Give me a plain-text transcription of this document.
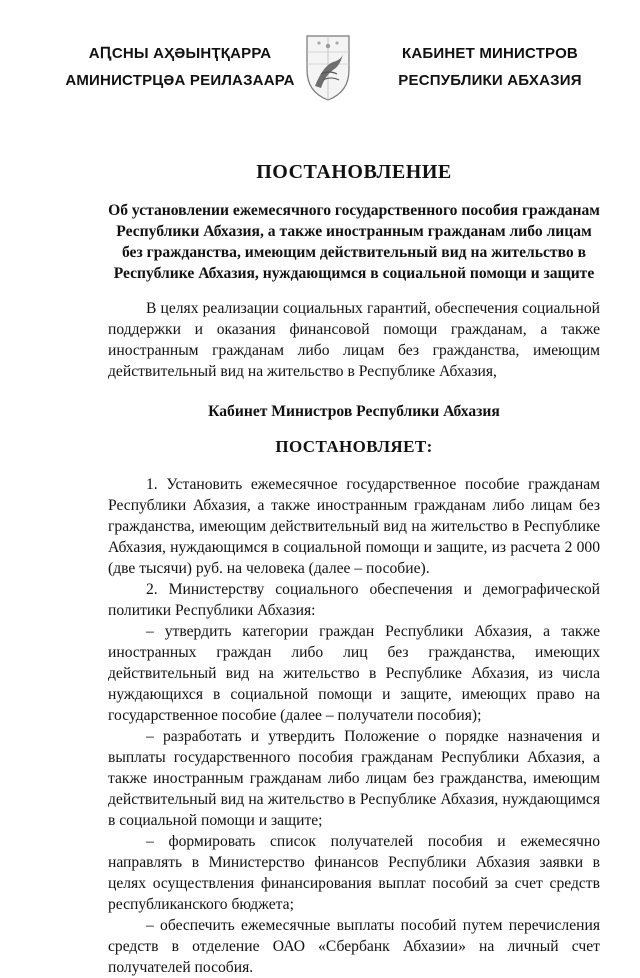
АԤСНЫ АҲӘЫНҬҚАРРА
АМИНИСТРЦӘА РЕИЛАЗААРА
КАБИНЕТ МИНИСТРОВ
РЕСПУБЛИКИ АБХАЗИЯ
ПОСТАНОВЛЕНИЕ
Об установлении ежемесячного государственного пособия гражданам Республики Абхазия, а также иностранным гражданам либо лицам без гражданства, имеющим действительный вид на жительство в Республике Абхазия, нуждающимся в социальной помощи и защите

В целях реализации социальных гарантий, обеспечения социальной поддержки и оказания финансовой помощи гражданам, а также иностранным гражданам либо лицам без гражданства, имеющим действительный вид на жительство в Республике Абхазия,

Кабинет Министров Республики Абхазия
ПОСТАНОВЛЯЕТ:

1. Установить ежемесячное государственное пособие гражданам Республики Абхазия, а также иностранным гражданам либо лицам без гражданства, имеющим действительный вид на жительство в Республике Абхазия, нуждающимся в социальной помощи и защите, из расчета 2 000 (две тысячи) руб. на человека (далее – пособие).

2. Министерству социального обеспечения и демографической политики Республики Абхазия:

– утвердить категории граждан Республики Абхазия, а также иностранных граждан либо лиц без гражданства, имеющих действительный вид на жительство в Республике Абхазия, из числа нуждающихся в социальной помощи и защите, имеющих право на государственное пособие (далее – получатели пособия);

– разработать и утвердить Положение о порядке назначения и выплаты государственного пособия гражданам Республики Абхазия, а также иностранным гражданам либо лицам без гражданства, имеющим действительный вид на жительство в Республике Абхазия, нуждающимся в социальной помощи и защите;

– формировать список получателей пособия и ежемесячно направлять в Министерство финансов Республики Абхазия заявки в целях осуществления финансирования выплат пособий за счет средств республиканского бюджета;

– обеспечить ежемесячные выплаты пособий путем перечисления средств в отделение ОАО «Сбербанк Абхазии» на личный счет получателей пособия.
